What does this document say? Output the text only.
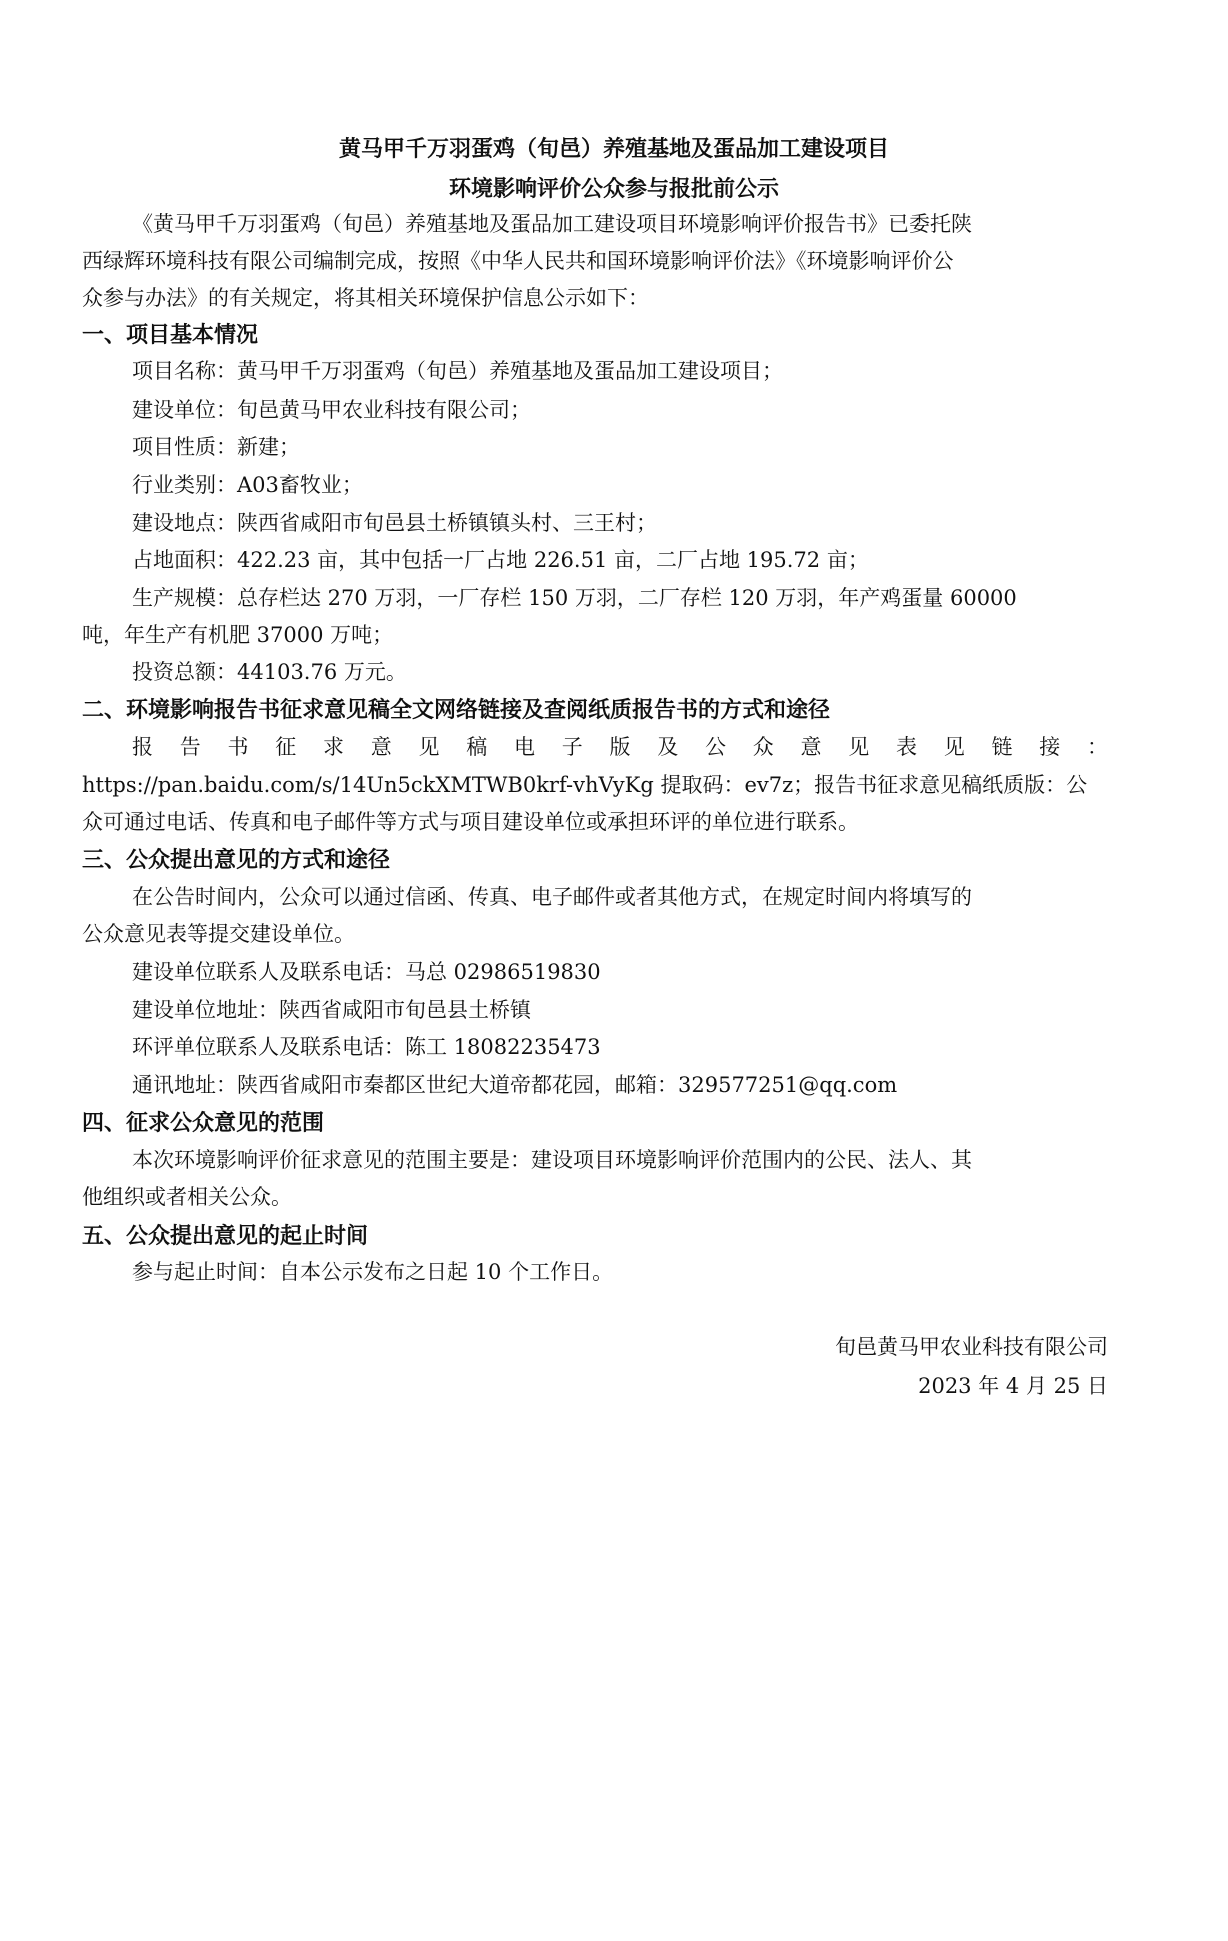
黄马甲千万羽蛋鸡（旬邑）养殖基地及蛋品加工建设项目
环境影响评价公众参与报批前公示
《黄马甲千万羽蛋鸡（旬邑）养殖基地及蛋品加工建设项目环境影响评价报告书》已委托陕
西绿辉环境科技有限公司编制完成，按照《中华人民共和国环境影响评价法》《环境影响评价公
众参与办法》的有关规定，将其相关环境保护信息公示如下：
一、项目基本情况
项目名称：黄马甲千万羽蛋鸡（旬邑）养殖基地及蛋品加工建设项目；
建设单位：旬邑黄马甲农业科技有限公司；
项目性质：新建；
行业类别：A03畜牧业；
建设地点：陕西省咸阳市旬邑县土桥镇镇头村、三王村；
占地面积：422.23 亩，其中包括一厂占地 226.51 亩，二厂占地 195.72 亩；
生产规模：总存栏达 270 万羽，一厂存栏 150 万羽，二厂存栏 120 万羽，年产鸡蛋量 60000
吨，年生产有机肥 37000 万吨；
投资总额：44103.76 万元。
二、环境影响报告书征求意见稿全文网络链接及查阅纸质报告书的方式和途径
报 告 书 征 求 意 见 稿 电 子 版 及 公 众 意 见 表 见 链 接 ：
https://pan.baidu.com/s/14Un5ckXMTWB0krf-vhVyKg 提取码：ev7z；报告书征求意见稿纸质版：公
众可通过电话、传真和电子邮件等方式与项目建设单位或承担环评的单位进行联系。
三、公众提出意见的方式和途径
在公告时间内，公众可以通过信函、传真、电子邮件或者其他方式，在规定时间内将填写的
公众意见表等提交建设单位。
建设单位联系人及联系电话：马总 02986519830
建设单位地址：陕西省咸阳市旬邑县土桥镇
环评单位联系人及联系电话：陈工 18082235473
通讯地址：陕西省咸阳市秦都区世纪大道帝都花园，邮箱：329577251@qq.com
四、征求公众意见的范围
本次环境影响评价征求意见的范围主要是：建设项目环境影响评价范围内的公民、法人、其
他组织或者相关公众。
五、公众提出意见的起止时间
参与起止时间：自本公示发布之日起 10 个工作日。
旬邑黄马甲农业科技有限公司
2023 年 4 月 25 日
